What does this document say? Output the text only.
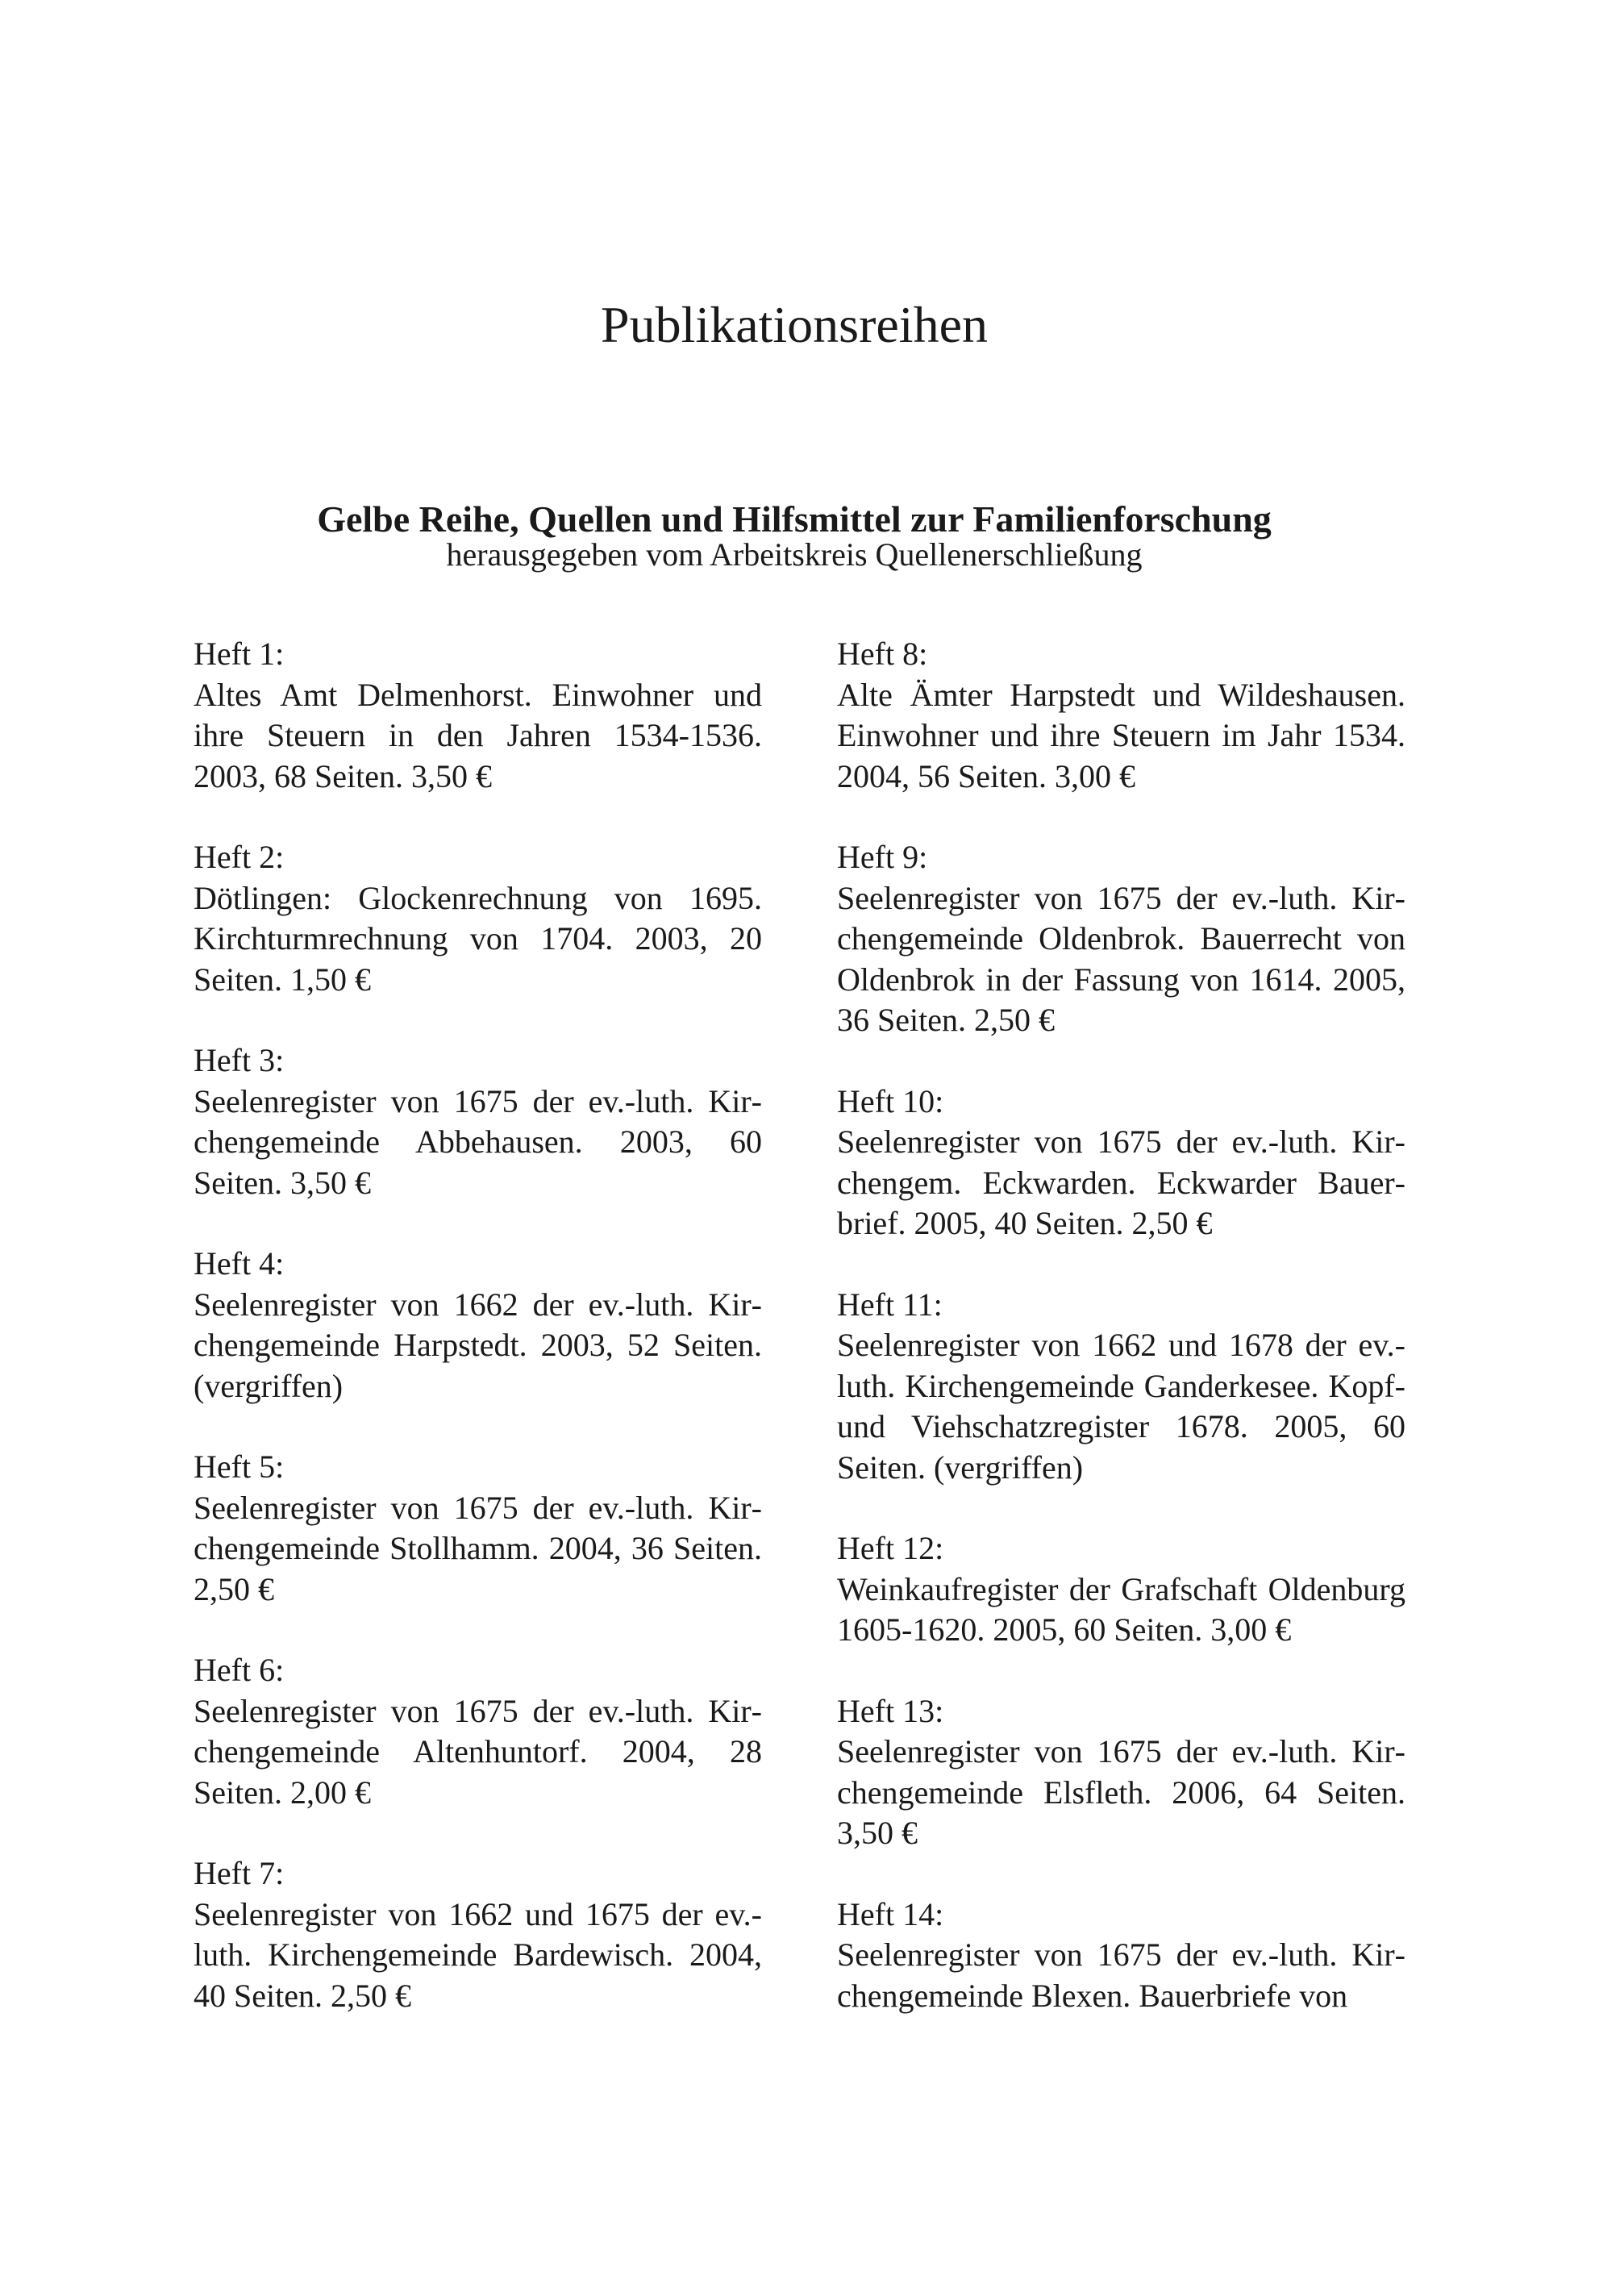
Publikationsreihen
Gelbe Reihe, Quellen und Hilfsmittel zur Familienforschung
herausgegeben vom Arbeitskreis Quellenerschließung
Heft 1:
Altes Amt Delmenhorst. Einwohner und ihre Steuern in den Jahren 1534-1536. 2003, 68 Seiten. 3,50 €
Heft 2:
Dötlingen: Glockenrechnung von 1695. Kirchturmrechnung von 1704. 2003, 20 Seiten. 1,50 €
Heft 3:
Seelenregister von 1675 der ev.-luth. Kirchengemeinde Abbehausen. 2003, 60 Seiten. 3,50 €
Heft 4:
Seelenregister von 1662 der ev.-luth. Kirchengemeinde Harpstedt. 2003, 52 Seiten. (vergriffen)
Heft 5:
Seelenregister von 1675 der ev.-luth. Kirchengemeinde Stollhamm. 2004, 36 Seiten. 2,50 €
Heft 6:
Seelenregister von 1675 der ev.-luth. Kirchengemeinde Altenhuntorf. 2004, 28 Seiten. 2,00 €
Heft 7:
Seelenregister von 1662 und 1675 der ev.-luth. Kirchengemeinde Bardewisch. 2004, 40 Seiten. 2,50 €
Heft 8:
Alte Ämter Harpstedt und Wildeshausen. Einwohner und ihre Steuern im Jahr 1534. 2004, 56 Seiten. 3,00 €
Heft 9:
Seelenregister von 1675 der ev.-luth. Kirchengemeinde Oldenbrok. Bauerrecht von Oldenbrok in der Fassung von 1614. 2005, 36 Seiten. 2,50 €
Heft 10:
Seelenregister von 1675 der ev.-luth. Kirchengem. Eckwarden. Eckwarder Bauerbrief. 2005, 40 Seiten. 2,50 €
Heft 11:
Seelenregister von 1662 und 1678 der ev.-luth. Kirchengemeinde Ganderkesee. Kopf- und Viehschatzregister 1678. 2005, 60 Seiten. (vergriffen)
Heft 12:
Weinkaufregister der Grafschaft Oldenburg 1605-1620. 2005, 60 Seiten. 3,00 €
Heft 13:
Seelenregister von 1675 der ev.-luth. Kirchengemeinde Elsfleth. 2006, 64 Seiten. 3,50 €
Heft 14:
Seelenregister von 1675 der ev.-luth. Kirchengemeinde Blexen. Bauerbriefe von
